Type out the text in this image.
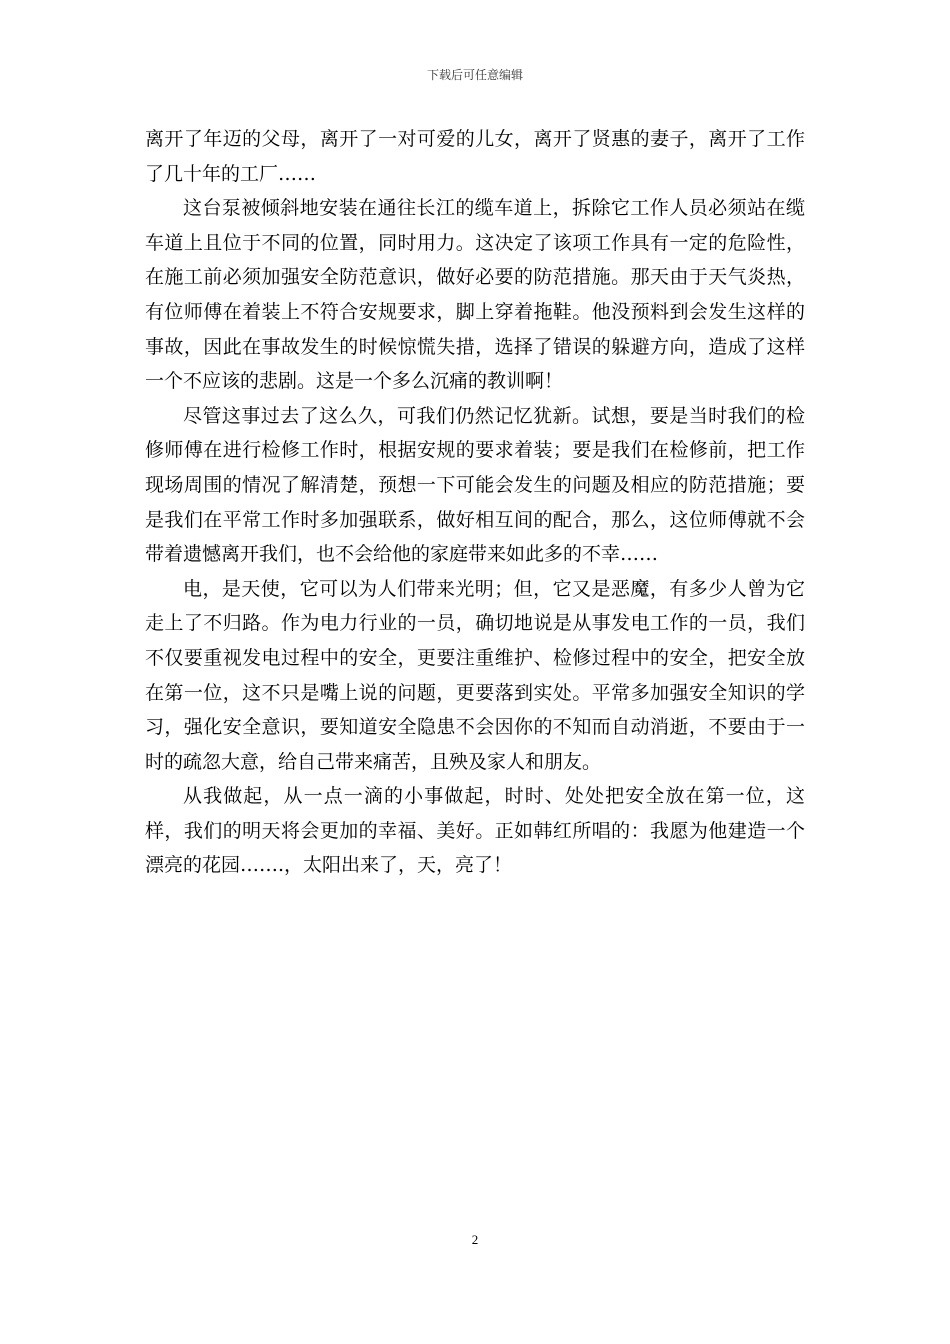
下载后可任意编辑

离开了年迈的父母，离开了一对可爱的儿女，离开了贤惠的妻子，离开了工作了几十年的工厂……

这台泵被倾斜地安装在通往长江的缆车道上，拆除它工作人员必须站在缆车道上且位于不同的位置，同时用力。这决定了该项工作具有一定的危险性，在施工前必须加强安全防范意识，做好必要的防范措施。那天由于天气炎热，有位师傅在着装上不符合安规要求，脚上穿着拖鞋。他没预料到会发生这样的事故，因此在事故发生的时候惊慌失措，选择了错误的躲避方向，造成了这样一个不应该的悲剧。这是一个多么沉痛的教训啊！

尽管这事过去了这么久，可我们仍然记忆犹新。试想，要是当时我们的检修师傅在进行检修工作时，根据安规的要求着装；要是我们在检修前，把工作现场周围的情况了解清楚，预想一下可能会发生的问题及相应的防范措施；要是我们在平常工作时多加强联系，做好相互间的配合，那么，这位师傅就不会带着遗憾离开我们，也不会给他的家庭带来如此多的不幸……

电，是天使，它可以为人们带来光明；但，它又是恶魔，有多少人曾为它走上了不归路。作为电力行业的一员，确切地说是从事发电工作的一员，我们不仅要重视发电过程中的安全，更要注重维护、检修过程中的安全，把安全放在第一位，这不只是嘴上说的问题，更要落到实处。平常多加强安全知识的学习，强化安全意识，要知道安全隐患不会因你的不知而自动消逝，不要由于一时的疏忽大意，给自己带来痛苦，且殃及家人和朋友。

从我做起，从一点一滴的小事做起，时时、处处把安全放在第一位，这样，我们的明天将会更加的幸福、美好。正如韩红所唱的：我愿为他建造一个漂亮的花园…….，太阳出来了，天，亮了！

2
